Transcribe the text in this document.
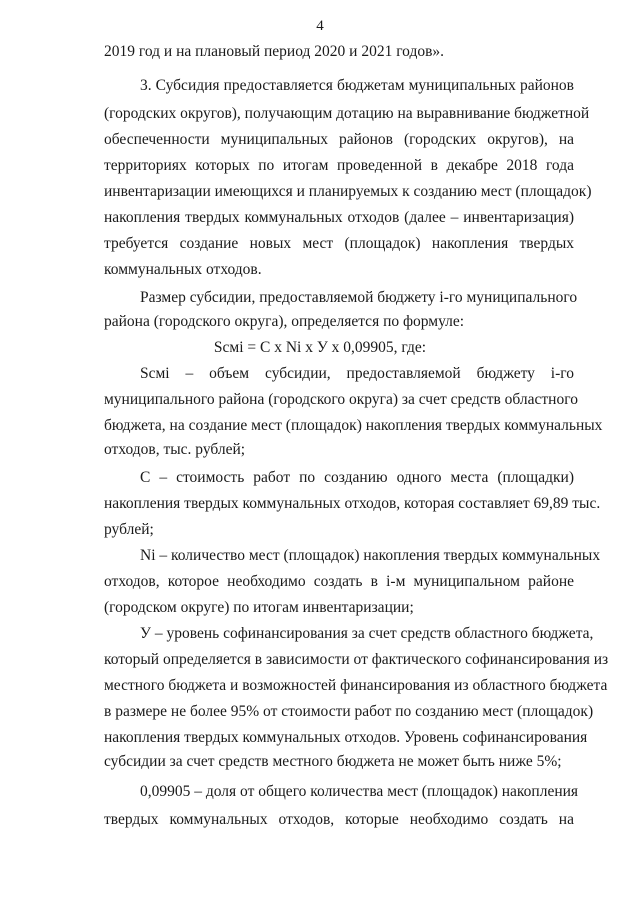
4

2019 год и на плановый период 2020 и 2021 годов».

3. Субсидия предоставляется бюджетам муниципальных районов

(городских округов), получающим дотацию на выравнивание бюджетной

обеспеченности муниципальных районов (городских округов), на

территориях которых по итогам проведенной в декабре 2018 года

инвентаризации имеющихся и планируемых к созданию мест (площадок)

накопления твердых коммунальных отходов (далее – инвентаризация)

требуется создание новых мест (площадок) накопления твердых

коммунальных отходов.

Размер субсидии, предоставляемой бюджету i-го муниципального

района (городского округа), определяется по формуле:

Scмi = C x Ni x У x 0,09905, где:

Scмi – объем субсидии, предоставляемой бюджету i-го

муниципального района (городского округа) за счет средств областного

бюджета, на создание мест (площадок) накопления твердых коммунальных

отходов, тыс. рублей;

C – стоимость работ по созданию одного места (площадки)

накопления твердых коммунальных отходов, которая составляет 69,89 тыс.

рублей;

Ni – количество мест (площадок) накопления твердых коммунальных

отходов, которое необходимо создать в i-м муниципальном районе

(городском округе) по итогам инвентаризации;

У – уровень софинансирования за счет средств областного бюджета,

который определяется в зависимости от фактического софинансирования из

местного бюджета и возможностей финансирования из областного бюджета

в размере не более 95% от стоимости работ по созданию мест (площадок)

накопления твердых коммунальных отходов. Уровень софинансирования

субсидии за счет средств местного бюджета не может быть ниже 5%;

0,09905 – доля от общего количества мест (площадок) накопления

твердых коммунальных отходов, которые необходимо создать на
